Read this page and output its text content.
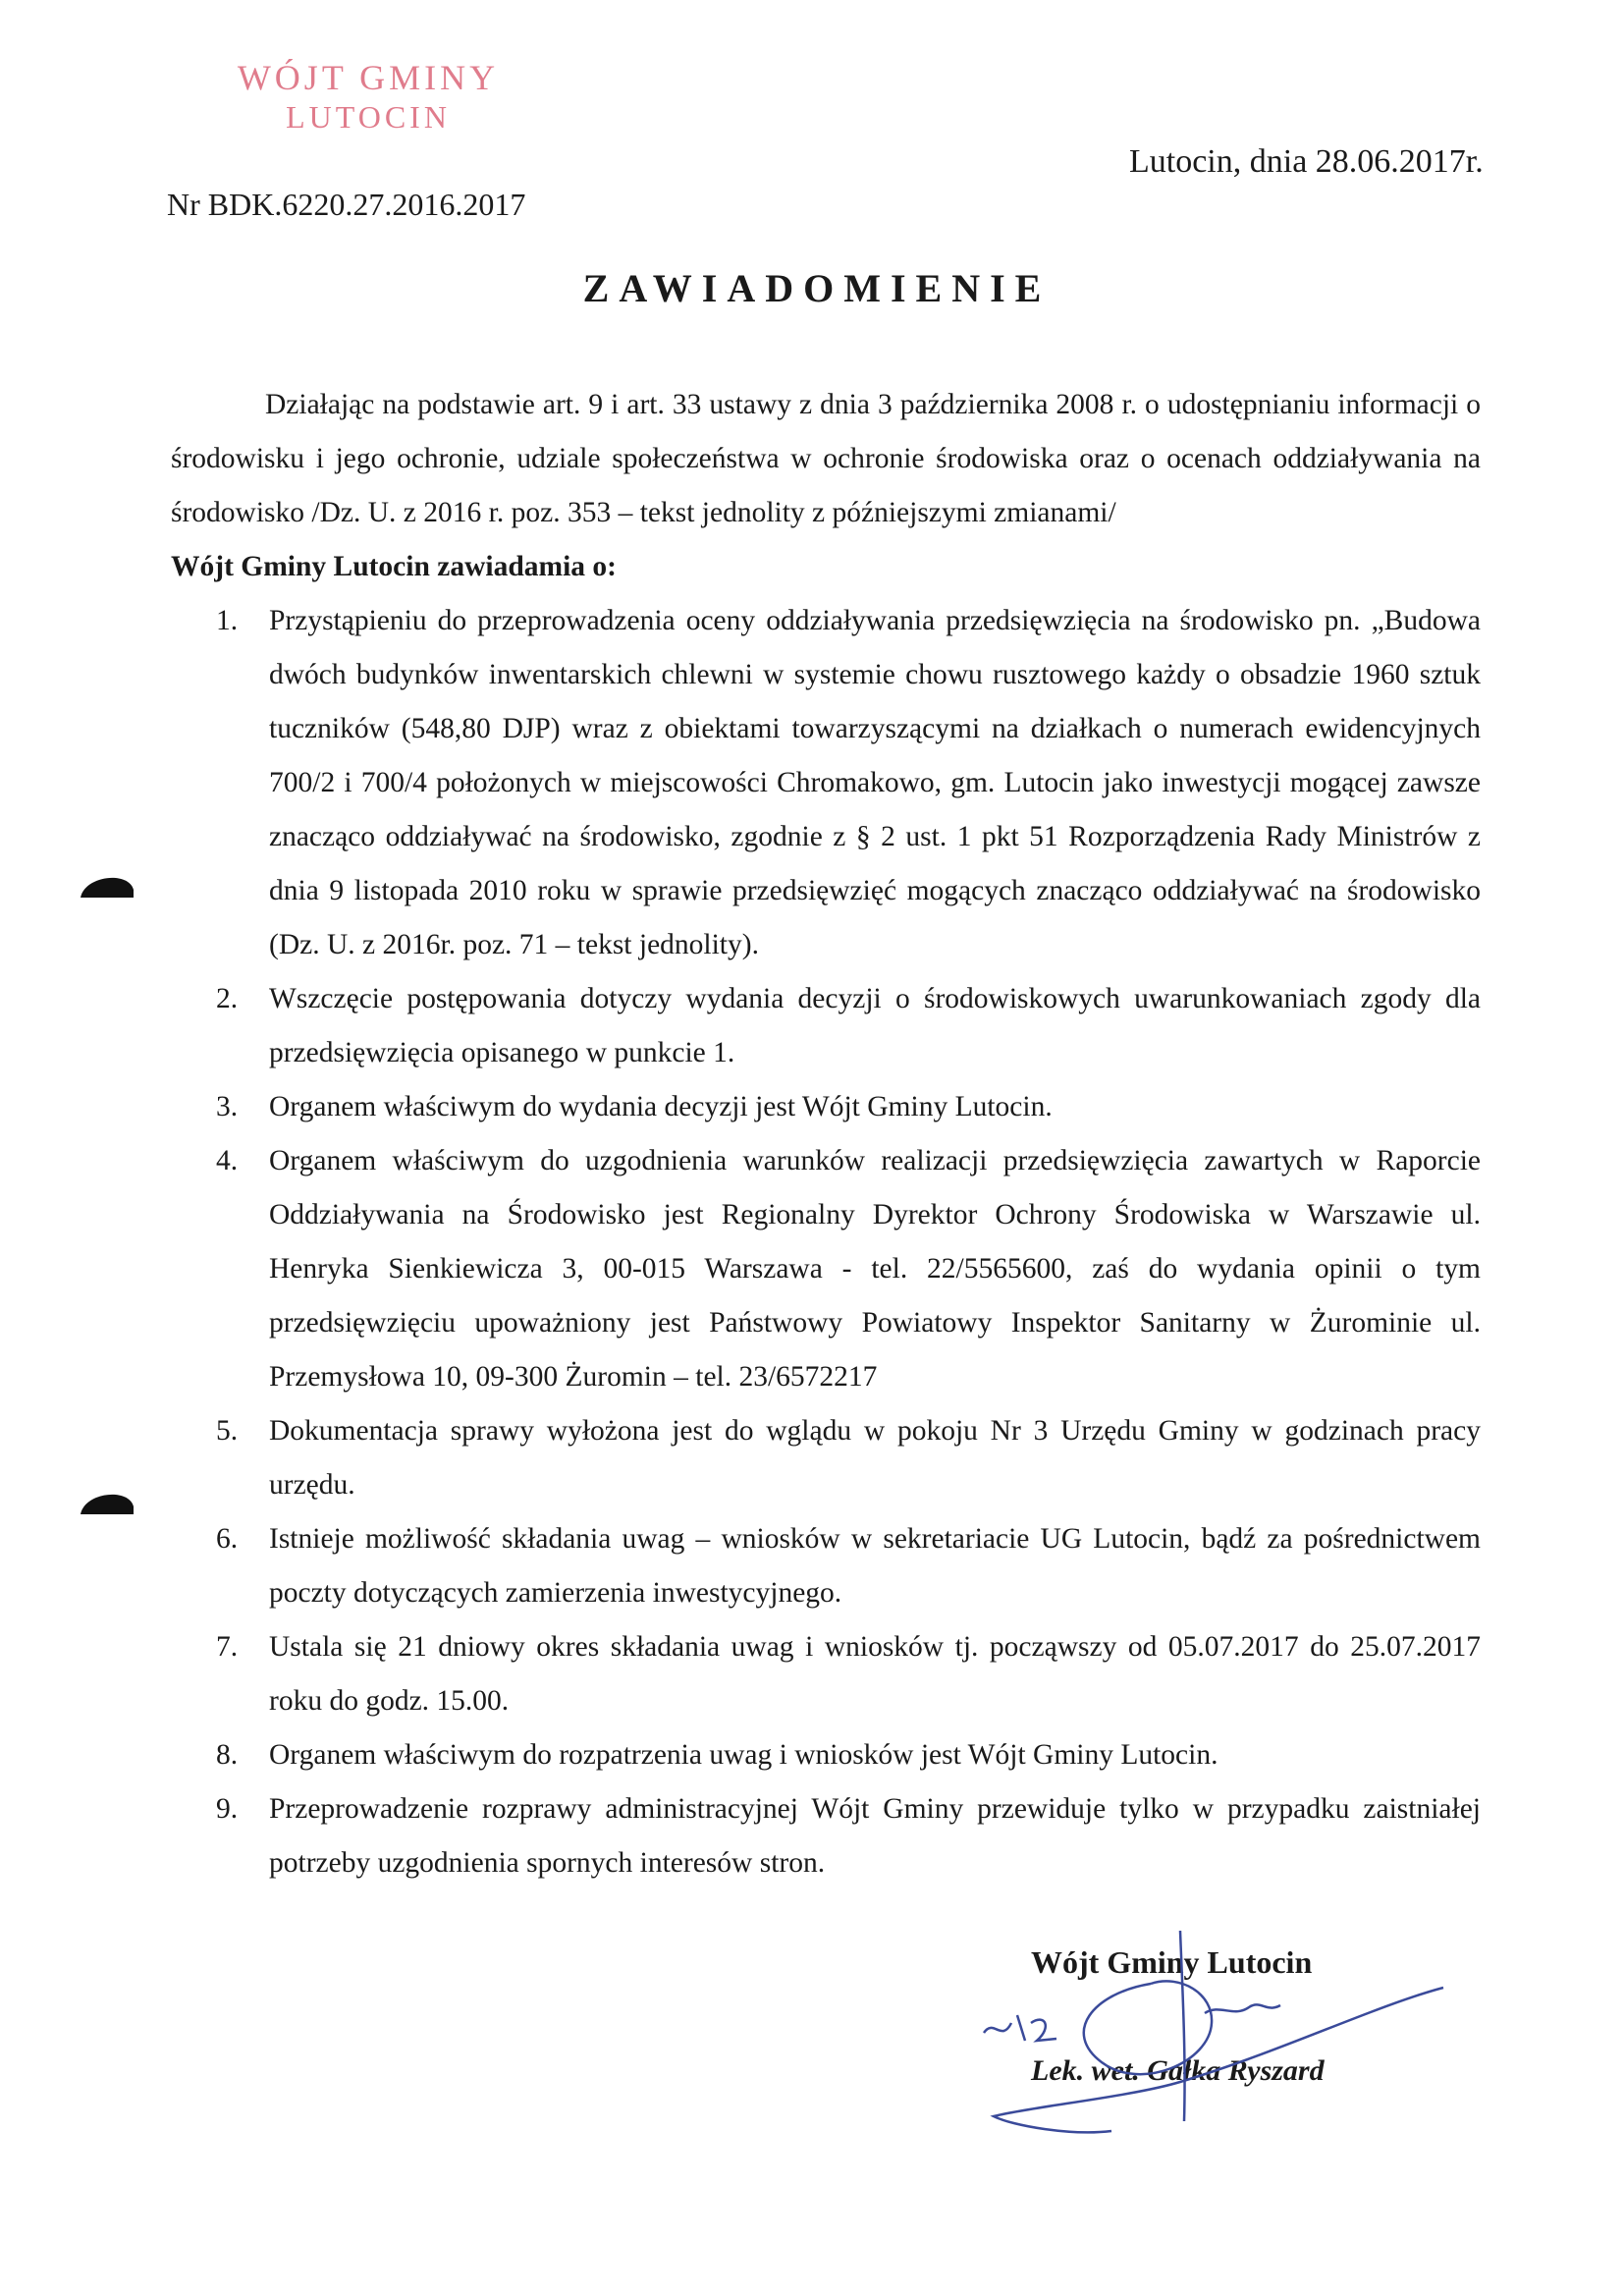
WÓJT GMINY
LUTOCIN
Lutocin, dnia 28.06.2017r.
Nr BDK.6220.27.2016.2017
ZAWIADOMIENIE

Działając na podstawie art. 9 i art. 33 ustawy z dnia 3 października 2008 r. o udostępnianiu informacji o środowisku i jego ochronie, udziale społeczeństwa w ochronie środowiska oraz o ocenach oddziaływania na środowisko /Dz. U. z 2016 r. poz. 353 – tekst jednolity z późniejszymi zmianami/

Wójt Gminy Lutocin zawiadamia o:

1.	Przystąpieniu do przeprowadzenia oceny oddziaływania przedsięwzięcia na środowisko pn. „Budowa dwóch budynków inwentarskich chlewni w systemie chowu rusztowego każdy o obsadzie 1960 sztuk tuczników (548,80 DJP) wraz z obiektami towarzyszącymi na działkach o numerach ewidencyjnych 700/2 i 700/4 położonych w miejscowości Chromakowo, gm. Lutocin jako inwestycji mogącej zawsze znacząco oddziaływać na środowisko, zgodnie z § 2 ust. 1 pkt 51 Rozporządzenia Rady Ministrów z dnia 9 listopada 2010 roku w sprawie przedsięwzięć mogących znacząco oddziaływać na środowisko (Dz. U. z 2016r. poz. 71 – tekst jednolity).
2.	Wszczęcie postępowania dotyczy wydania decyzji o środowiskowych uwarunkowaniach zgody dla przedsięwzięcia opisanego w punkcie 1.
3.	Organem właściwym do wydania decyzji jest Wójt Gminy Lutocin.
4.	Organem właściwym do uzgodnienia warunków realizacji przedsięwzięcia zawartych w Raporcie Oddziaływania na Środowisko jest Regionalny Dyrektor Ochrony Środowiska w Warszawie ul. Henryka Sienkiewicza 3, 00-015 Warszawa - tel. 22/5565600, zaś do wydania opinii o tym przedsięwzięciu upoważniony jest Państwowy Powiatowy Inspektor Sanitarny w Żurominie ul. Przemysłowa 10, 09-300 Żuromin – tel. 23/6572217
5.	Dokumentacja sprawy wyłożona jest do wglądu w pokoju Nr 3 Urzędu Gminy w godzinach pracy urzędu.
6.	Istnieje możliwość składania uwag – wniosków w sekretariacie UG Lutocin, bądź za pośrednictwem poczty dotyczących zamierzenia inwestycyjnego.
7.	Ustala się 21 dniowy okres składania uwag i wniosków tj. począwszy od 05.07.2017 do 25.07.2017 roku do godz. 15.00.
8.	Organem właściwym do rozpatrzenia uwag i wniosków jest Wójt Gminy Lutocin.
9.	Przeprowadzenie rozprawy administracyjnej Wójt Gminy przewiduje tylko w przypadku zaistniałej potrzeby uzgodnienia spornych interesów stron.
Wójt Gminy Lutocin
Lek. wet. Gałka Ryszard
